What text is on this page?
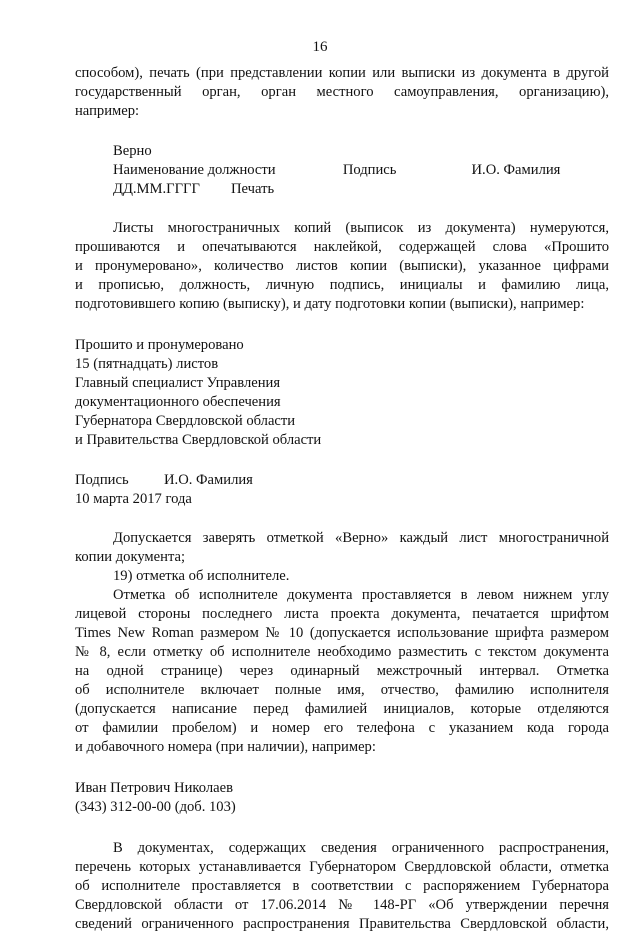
16
способом), печать (при представлении копии или выписки из документа в другой
государственный орган, орган местного самоуправления, организацию),
например:
Верно
Наименование должности	Подпись	И.О. Фамилия
ДД.ММ.ГГГГ	Печать
Листы многостраничных копий (выписок из документа) нумеруются,
прошиваются и опечатываются наклейкой, содержащей слова «Прошито
и пронумеровано», количество листов копии (выписки), указанное цифрами
и прописью, должность, личную подпись, инициалы и фамилию лица,
подготовившего копию (выписку), и дату подготовки копии (выписки), например:
Прошито и пронумеровано
15 (пятнадцать) листов
Главный специалист Управления
документационного обеспечения
Губернатора Свердловской области
и Правительства Свердловской области
Подпись	И.О. Фамилия
10 марта 2017 года
Допускается заверять отметкой «Верно» каждый лист многостраничной
копии документа;
19) отметка об исполнителе.
Отметка об исполнителе документа проставляется в левом нижнем углу
лицевой стороны последнего листа проекта документа, печатается шрифтом
Times New Roman размером № 10 (допускается использование шрифта размером
№ 8, если отметку об исполнителе необходимо разместить с текстом документа
на одной странице) через одинарный межстрочный интервал. Отметка
об исполнителе включает полные имя, отчество, фамилию исполнителя
(допускается написание перед фамилией инициалов, которые отделяются
от фамилии пробелом) и номер его телефона с указанием кода города
и добавочного номера (при наличии), например:
Иван Петрович Николаев
(343) 312-00-00 (доб. 103)
В документах, содержащих сведения ограниченного распространения,
перечень которых устанавливается Губернатором Свердловской области, отметка
об исполнителе проставляется в соответствии с распоряжением Губернатора
Свердловской области от 17.06.2014 № 148-РГ «Об утверждении перечня
сведений ограниченного распространения Правительства Свердловской области,
